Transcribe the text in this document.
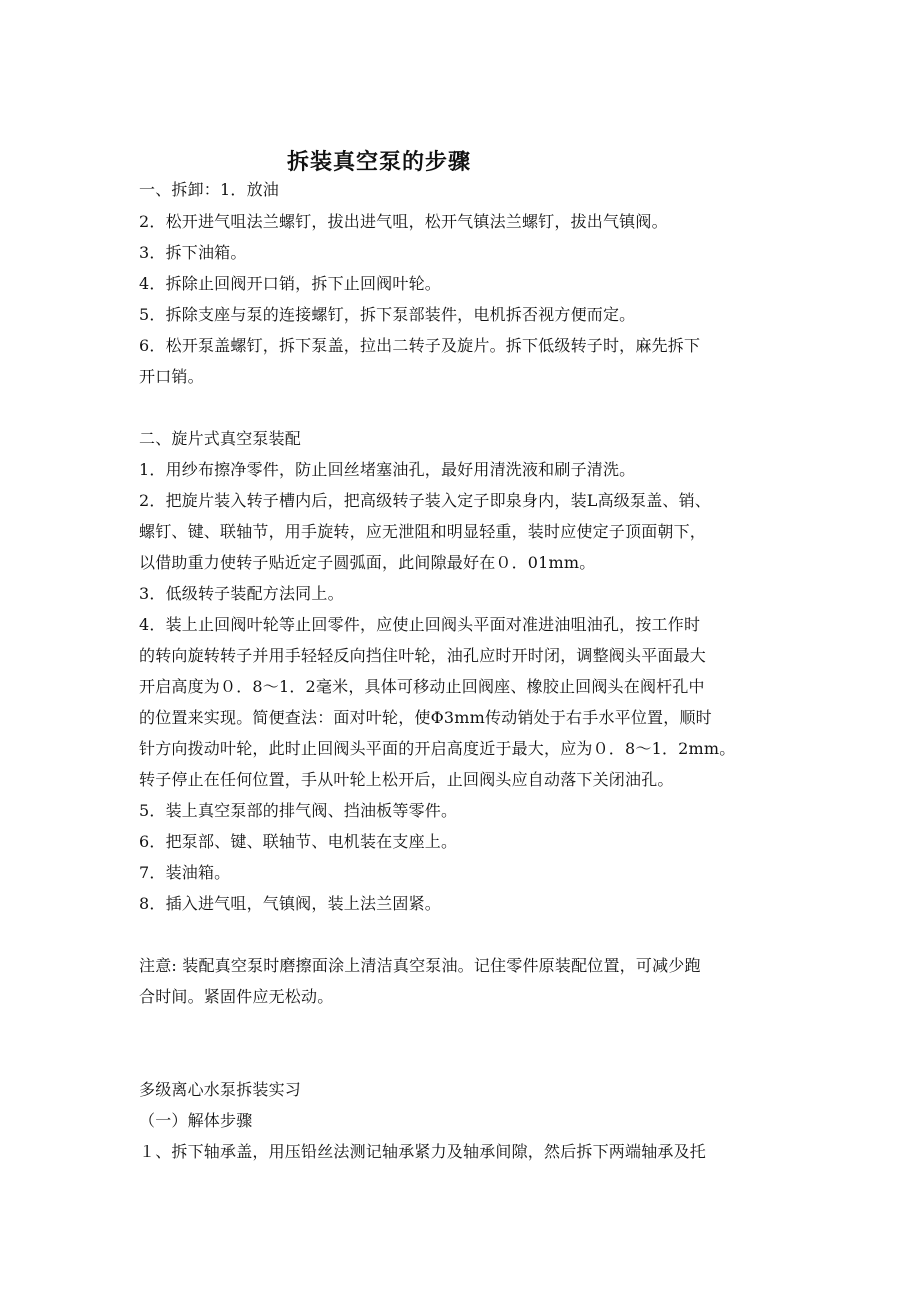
拆装真空泵的步骤
一、拆卸：1．放油
2．松开进气咀法兰螺钉，拔出进气咀，松开气镇法兰螺钉，拔出气镇阀。
3．拆下油箱。
4．拆除止回阀开口销，拆下止回阀叶轮。
5．拆除支座与泵的连接螺钉，拆下泵部装件，电机拆否视方便而定。
6．松开泵盖螺钉，拆下泵盖，拉出二转子及旋片。拆下低级转子时，麻先拆下
开口销。
二、旋片式真空泵装配
1．用纱布擦净零件，防止回丝堵塞油孔，最好用清洗液和刷子清洗。
2．把旋片装入转子槽内后，把高级转子装入定子即泉身内，装L高级泵盖、销、
螺钉、键、联轴节，用手旋转，应无泄阻和明显轻重，装时应使定子顶面朝下，
以借助重力使转子贴近定子圆弧面，此间隙最好在０．01mm。
3．低级转子装配方法同上。
4．装上止回阀叶轮等止回零件，应使止回阀头平面对准进油咀油孔，按工作时
的转向旋转转子并用手轻轻反向挡住叶轮，油孔应时开时闭，调整阀头平面最大
开启高度为０．8～1．2毫米，具体可移动止回阀座、橡胶止回阀头在阀杆孔中
的位置来实现。简便查法：面对叶轮，使Φ3mm传动销处于右手水平位置，顺时
针方向拨动叶轮，此时止回阀头平面的开启高度近于最大，应为０．8～1．2mm。
转子停止在任何位置，手从叶轮上松开后，止回阀头应自动落下关闭油孔。
5．装上真空泵部的排气阀、挡油板等零件。
6．把泵部、键、联轴节、电机装在支座上。
7．装油箱。
8．插入进气咀，气镇阀，装上法兰固紧。
注意: 装配真空泵时磨擦面涂上清洁真空泵油。记住零件原装配位置，可减少跑
合时间。紧固件应无松动。
多级离心水泵拆装实习
（一）解体步骤
１、拆下轴承盖，用压铅丝法测记轴承紧力及轴承间隙，然后拆下两端轴承及托
